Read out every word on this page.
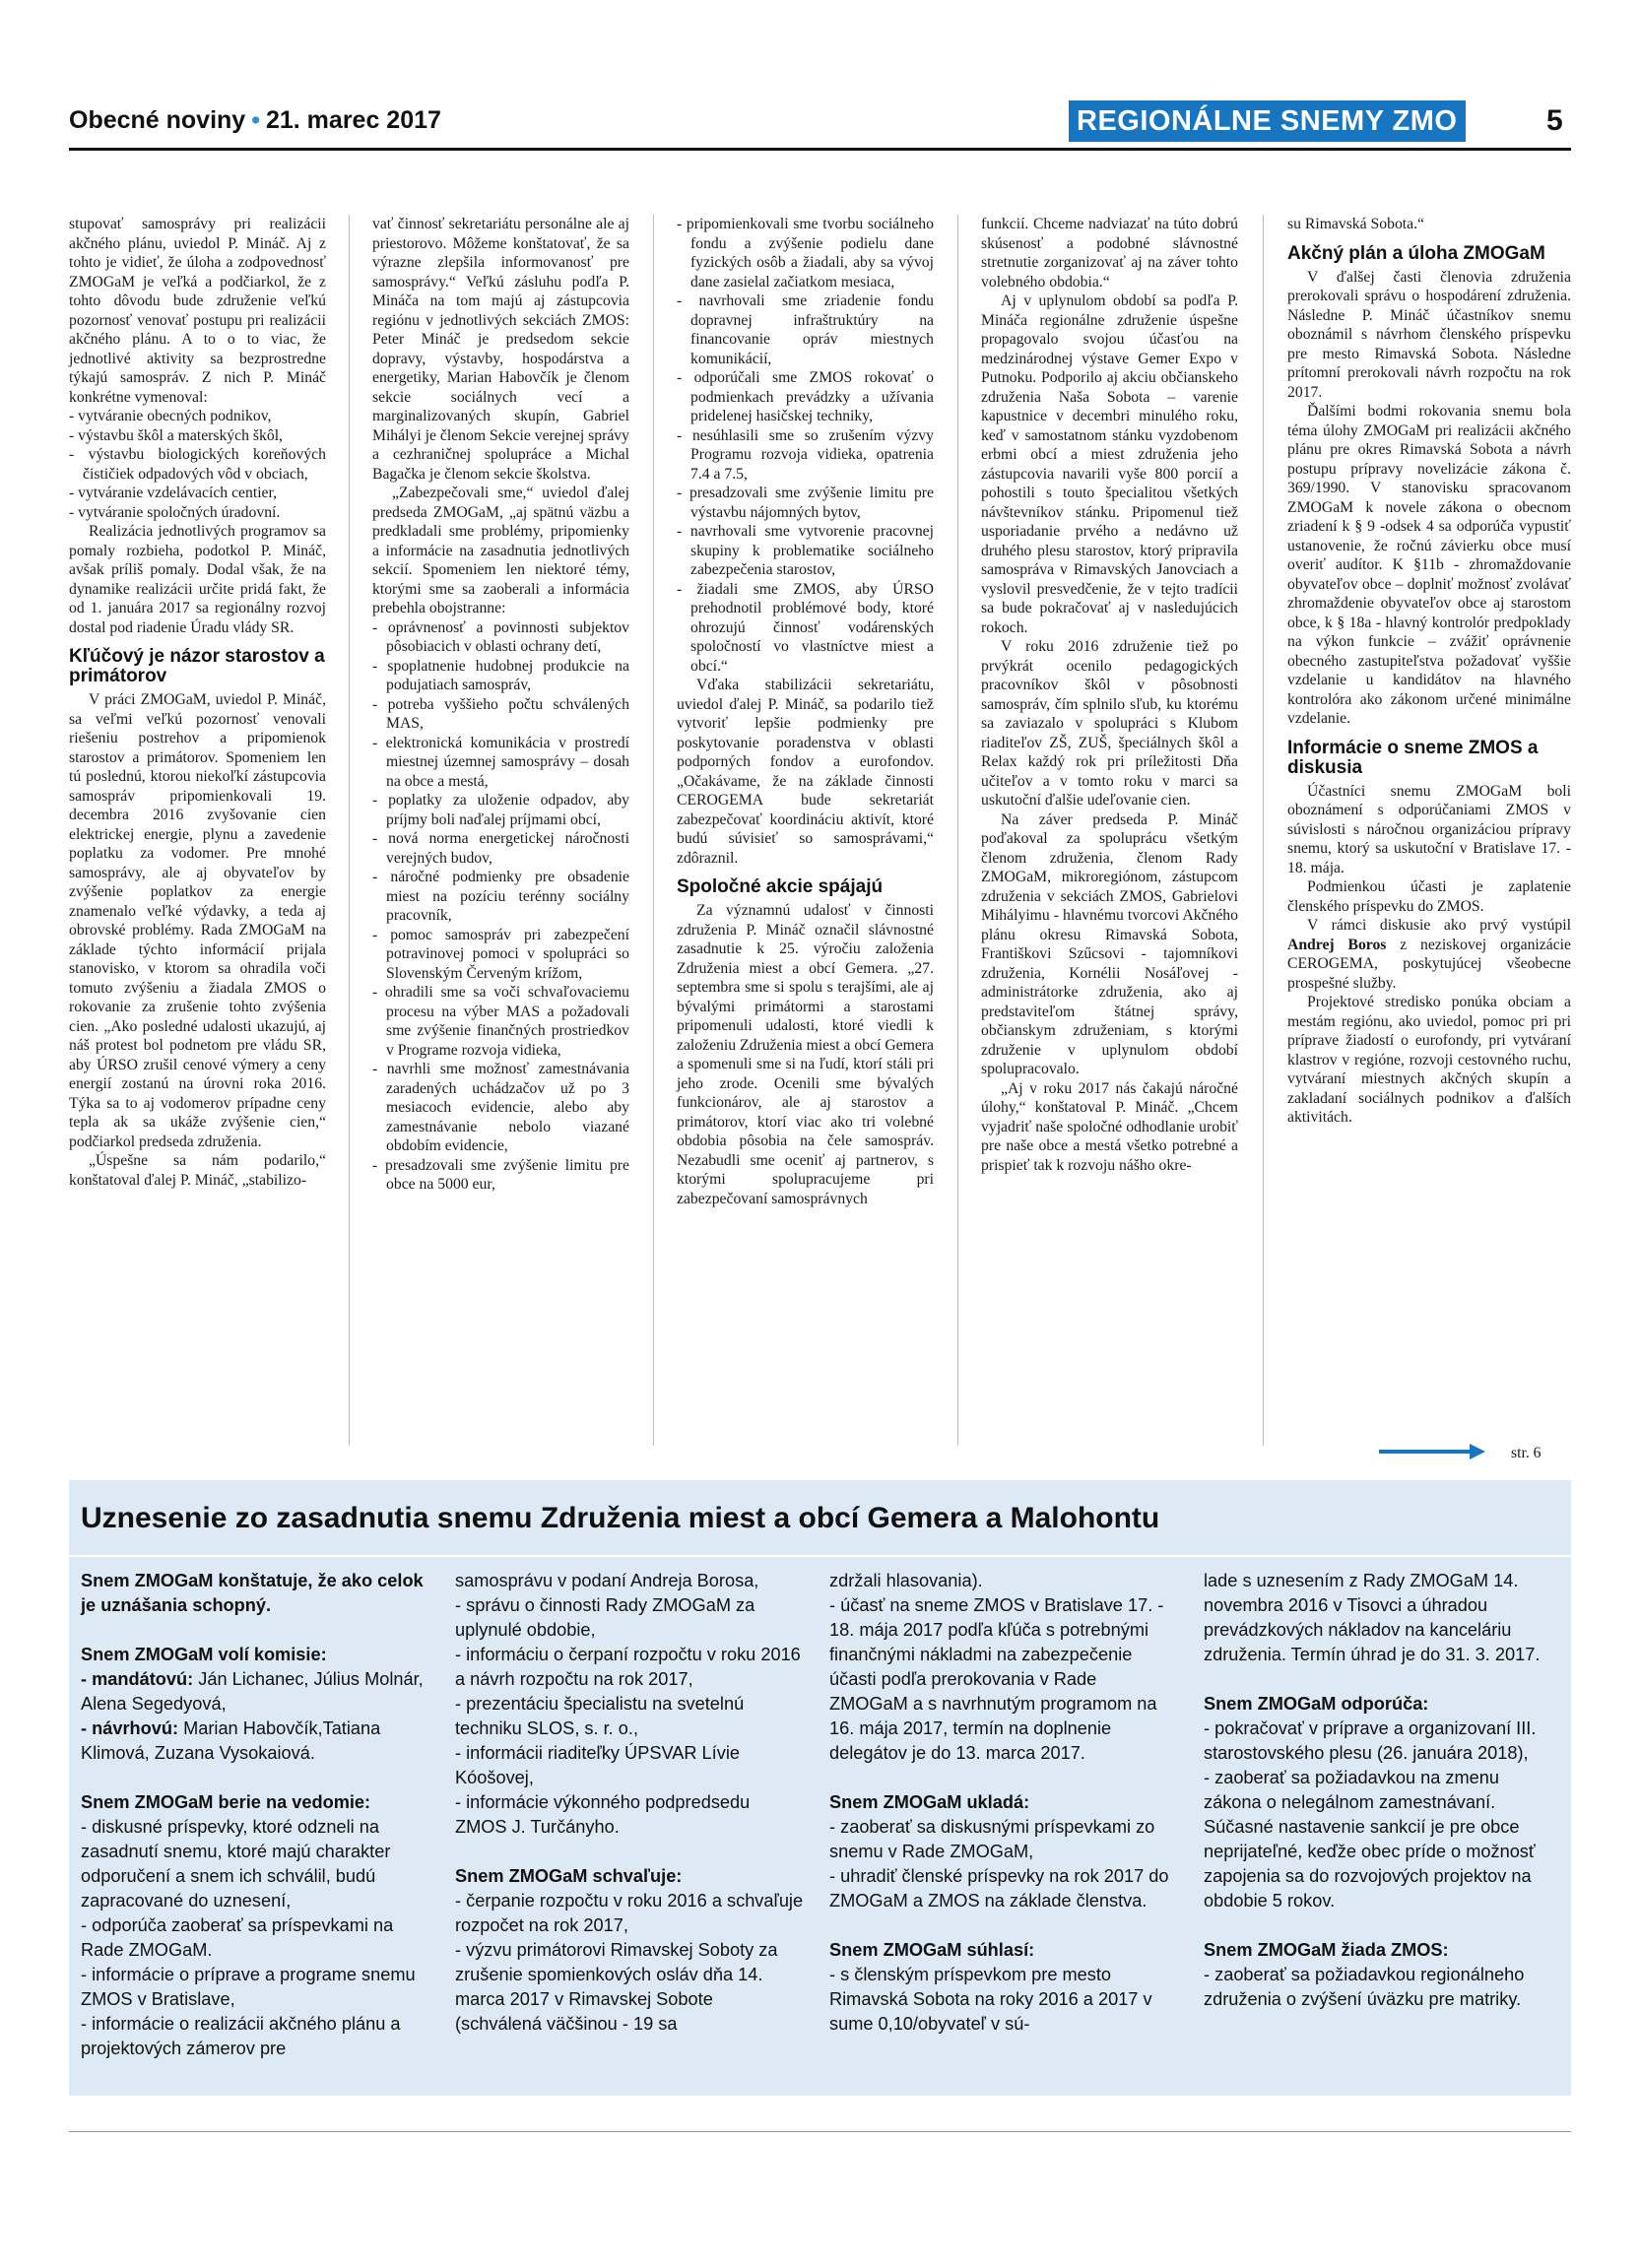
Obecné noviny • 21. marec 2017	REGIONÁLNE SNEMY ZMO	5

stupovať samosprávy pri realizácii akčného plánu, uviedol P. Mináč. Aj z tohto je vidieť, že úloha a zodpovednosť ZMOGaM je veľká a podčiarkol, že z tohto dôvodu bude združenie veľkú pozornosť venovať postupu pri realizácii akčného plánu. A to o to viac, že jednotlivé aktivity sa bezprostredne týkajú samospráv. Z nich P. Mináč konkrétne vymenoval:

- vytváranie obecných podnikov,
- výstavbu škôl a materských škôl,
- výstavbu biologických koreňových čističiek odpadových vôd v obciach,
- vytváranie vzdelávacích centier,
- vytváranie spoločných úradovní.

Realizácia jednotlivých programov sa pomaly rozbieha, podotkol P. Mináč, avšak príliš pomaly. Dodal však, že na dynamike realizácii určite pridá fakt, že od 1. januára 2017 sa regionálny rozvoj dostal pod riadenie Úradu vlády SR.

Kľúčový je názor starostov a primátorov

V práci ZMOGaM, uviedol P. Mináč, sa veľmi veľkú pozornosť venovali riešeniu postrehov a pripomienok starostov a primátorov. Spomeniem len tú poslednú, ktorou niekoľkí zástupcovia samospráv pripomienkovali 19. decembra 2016 zvyšovanie cien elektrickej energie, plynu a zavedenie poplatku za vodomer. Pre mnohé samosprávy, ale aj obyvateľov by zvýšenie poplatkov za energie znamenalo veľké výdavky, a teda aj obrovské problémy. Rada ZMOGaM na základe týchto informácií prijala stanovisko, v ktorom sa ohradila voči tomuto zvýšeniu a žiadala ZMOS o rokovanie za zrušenie tohto zvýšenia cien. „Ako posledné udalosti ukazujú, aj náš protest bol podnetom pre vládu SR, aby ÚRSO zrušil cenové výmery a ceny energií zostanú na úrovni roka 2016. Týka sa to aj vodomerov prípadne ceny tepla ak sa ukáže zvýšenie cien,“ podčiarkol predseda združenia.

„Úspešne sa nám podarilo,“ konštatoval ďalej P. Mináč, „stabilizo-

vať činnosť sekretariátu personálne ale aj priestorovo. Môžeme konštatovať, že sa výrazne zlepšila informovanosť pre samosprávy.“ Veľkú zásluhu podľa P. Mináča na tom majú aj zástupcovia regiónu v jednotlivých sekciách ZMOS: Peter Mináč je predsedom sekcie dopravy, výstavby, hospodárstva a energetiky, Marian Habovčík je členom sekcie sociálnych vecí a marginalizovaných skupín, Gabriel Mihályi je členom Sekcie verejnej správy a cezhraničnej spolupráce a Michal Bagačka je členom sekcie školstva.

„Zabezpečovali sme,“ uviedol ďalej predseda ZMOGaM, „aj spätnú väzbu a predkladali sme problémy, pripomienky a informácie na zasadnutia jednotlivých sekcií. Spomeniem len niektoré témy, ktorými sme sa zaoberali a informácia prebehla obojstranne:

- oprávnenosť a povinnosti subjektov pôsobiacich v oblasti ochrany detí,
- spoplatnenie hudobnej produkcie na podujatiach samospráv,
- potreba vyššieho počtu schválených MAS,
- elektronická komunikácia v prostredí miestnej územnej samosprávy – dosah na obce a mestá,
- poplatky za uloženie odpadov, aby príjmy boli naďalej príjmami obcí,
- nová norma energetickej náročnosti verejných budov,
- náročné podmienky pre obsadenie miest na pozíciu terénny sociálny pracovník,
- pomoc samospráv pri zabezpečení potravinovej pomoci v spolupráci so Slovenským Červeným krížom,
- ohradili sme sa voči schvaľovaciemu procesu na výber MAS a požadovali sme zvýšenie finančných prostriedkov v Programe rozvoja vidieka,
- navrhli sme možnosť zamestnávania zaradených uchádzačov už po 3 mesiacoch evidencie, alebo aby zamestnávanie nebolo viazané obdobím evidencie,
- presadzovali sme zvýšenie limitu pre obce na 5000 eur,
- pripomienkovali sme tvorbu sociálneho fondu a zvýšenie podielu dane fyzických osôb a žiadali, aby sa vývoj dane zasielal začiatkom mesiaca,
- navrhovali sme zriadenie fondu dopravnej infraštruktúry na financovanie opráv miestnych komunikácií,
- odporúčali sme ZMOS rokovať o podmienkach prevádzky a užívania pridelenej hasičskej techniky,
- nesúhlasili sme so zrušením výzvy Programu rozvoja vidieka, opatrenia 7.4 a 7.5,
- presadzovali sme zvýšenie limitu pre výstavbu nájomných bytov,
- navrhovali sme vytvorenie pracovnej skupiny k problematike sociálneho zabezpečenia starostov,
- žiadali sme ZMOS, aby ÚRSO prehodnotil problémové body, ktoré ohrozujú činnosť vodárenských spoločností vo vlastníctve miest a obcí.“

Vďaka stabilizácii sekretariátu, uviedol ďalej P. Mináč, sa podarilo tiež vytvoriť lepšie podmienky pre poskytovanie poradenstva v oblasti podporných fondov a eurofondov. „Očakávame, že na základe činnosti CEROGEMA bude sekretariát zabezpečovať koordináciu aktivít, ktoré budú súvisieť so samosprávami,“ zdôraznil.

Spoločné akcie spájajú

Za významnú udalosť v činnosti združenia P. Mináč označil slávnostné zasadnutie k 25. výročiu založenia Združenia miest a obcí Gemera. „27. septembra sme si spolu s terajšími, ale aj bývalými primátormi a starostami pripomenuli udalosti, ktoré viedli k založeniu Združenia miest a obcí Gemera a spomenuli sme si na ľudí, ktorí stáli pri jeho zrode. Ocenili sme bývalých funkcionárov, ale aj starostov a primátorov, ktorí viac ako tri volebné obdobia pôsobia na čele samospráv. Nezabudli sme oceniť aj partnerov, s ktorými spolupracujeme pri zabezpečovaní samosprávnych

funkcií. Chceme nadviazať na túto dobrú skúsenosť a podobné slávnostné stretnutie zorganizovať aj na záver tohto volebného obdobia.“

Aj v uplynulom období sa podľa P. Mináča regionálne združenie úspešne propagovalo svojou účasťou na medzinárodnej výstave Gemer Expo v Putnoku. Podporilo aj akciu občianskeho združenia Naša Sobota – varenie kapustnice v decembri minulého roku, keď v samostatnom stánku vyzdobenom erbmi obcí a miest združenia jeho zástupcovia navarili vyše 800 porcií a pohostili s touto špecialitou všetkých návštevníkov stánku. Pripomenul tiež usporiadanie prvého a nedávno už druhého plesu starostov, ktorý pripravila samospráva v Rimavských Janovciach a vyslovil presvedčenie, že v tejto tradícii sa bude pokračovať aj v nasledujúcich rokoch.

V roku 2016 združenie tiež po prvýkrát ocenilo pedagogických pracovníkov škôl v pôsobnosti samospráv, čím splnilo sľub, ku ktorému sa zaviazalo v spolupráci s Klubom riaditeľov ZŠ, ZUŠ, špeciálnych škôl a Relax každý rok pri príležitosti Dňa učiteľov a v tomto roku v marci sa uskutoční ďalšie udeľovanie cien.

Na záver predseda P. Mináč poďakoval za spoluprácu všetkým členom združenia, členom Rady ZMOGaM, mikroregiónom, zástupcom združenia v sekciách ZMOS, Gabrielovi Mihályimu - hlavnému tvorcovi Akčného plánu okresu Rimavská Sobota, Františkovi Szűcsovi - tajomníkovi združenia, Kornélii Nosáľovej - administrátorke združenia, ako aj predstaviteľom štátnej správy, občianskym združeniam, s ktorými združenie v uplynulom období spolupracovalo.

„Aj v roku 2017 nás čakajú náročné úlohy,“ konštatoval P. Mináč. „Chcem vyjadriť naše spoločné odhodlanie urobiť pre naše obce a mestá všetko potrebné a prispieť tak k rozvoju nášho okre-

su Rimavská Sobota.“

Akčný plán a úloha ZMOGaM

V ďalšej časti členovia združenia prerokovali správu o hospodárení združenia. Následne P. Mináč účastníkov snemu oboznámil s návrhom členského príspevku pre mesto Rimavská Sobota. Následne prítomní prerokovali návrh rozpočtu na rok 2017.

Ďalšími bodmi rokovania snemu bola téma úlohy ZMOGaM pri realizácii akčného plánu pre okres Rimavská Sobota a návrh postupu prípravy novelizácie zákona č. 369/1990. V stanovisku spracovanom ZMOGaM k novele zákona o obecnom zriadení k § 9 -odsek 4 sa odporúča vypustiť ustanovenie, že ročnú závierku obce musí overiť audítor. K §11b - zhromaždovanie obyvateľov obce – doplniť možnosť zvolávať zhromaždenie obyvateľov obce aj starostom obce, k § 18a - hlavný kontrolór predpoklady na výkon funkcie – zvážiť oprávnenie obecného zastupiteľstva požadovať vyššie vzdelanie u kandidátov na hlavného kontrolóra ako zákonom určené minimálne vzdelanie.

Informácie o sneme ZMOS a diskusia

Účastníci snemu ZMOGaM boli oboznámení s odporúčaniami ZMOS v súvislosti s náročnou organizáciou prípravy snemu, ktorý sa uskutoční v Bratislave 17. - 18. mája.

Podmienkou účasti je zaplatenie členského príspevku do ZMOS.

V rámci diskusie ako prvý vystúpil Andrej Boros z neziskovej organizácie CEROGEMA, poskytujúcej všeobecne prospešné služby.

Projektové stredisko ponúka obciam a mestám regiónu, ako uviedol, pomoc pri pri príprave žiadostí o eurofondy, pri vytváraní klastrov v regióne, rozvoji cestovného ruchu, vytváraní miestnych akčných skupín a zakladaní sociálnych podnikov a ďalších aktivitách.

str. 6
Uznesenie zo zasadnutia snemu Združenia miest a obcí Gemera a Malohontu
Snem ZMOGaM konštatuje, že ako celok je uznášania schopný.
Snem ZMOGaM volí komisie:
- mandátovú: Ján Lichanec, Július Molnár, Alena Segedyová,
- návrhovú: Marian Habovčík,Tatiana Klimová, Zuzana Vysokaiová.
Snem ZMOGaM berie na vedomie:
- diskusné príspevky, ktoré odzneli na zasadnutí snemu, ktoré majú charakter odporučení a snem ich schválil, budú zapracované do uznesení,
- odporúča zaoberať sa príspevkami na Rade ZMOGaM.
- informácie o príprave a programe snemu ZMOS v Bratislave,
- informácie o realizácii akčného plánu a projektových zámerov pre
samosprávu v podaní Andreja Borosa,
- správu o činnosti Rady ZMOGaM za uplynulé obdobie,
- informáciu o čerpaní rozpočtu v roku 2016 a návrh rozpočtu na rok 2017,
- prezentáciu špecialistu na svetelnú techniku SLOS, s. r. o.,
- informácii riaditeľky ÚPSVAR Lívie Kóošovej,
- informácie výkonného podpredsedu ZMOS J. Turčányho.
Snem ZMOGaM schvaľuje:
- čerpanie rozpočtu v roku 2016 a schvaľuje rozpočet na rok 2017,
- výzvu primátorovi Rimavskej Soboty za zrušenie spomienkových osláv dňa 14. marca 2017 v Rimavskej Sobote (schválená väčšinou - 19 sa
zdržali hlasovania).
- účasť na sneme ZMOS v Bratislave 17. - 18. mája 2017 podľa kľúča s potrebnými finančnými nákladmi na zabezpečenie účasti podľa prerokovania v Rade ZMOGaM a s navrhnutým programom na 16. mája 2017, termín na doplnenie delegátov je do 13. marca 2017.
Snem ZMOGaM ukladá:
- zaoberať sa diskusnými príspevkami zo snemu v Rade ZMOGaM,
- uhradiť členské príspevky na rok 2017 do ZMOGaM a ZMOS na základe členstva.
Snem ZMOGaM súhlasí:
- s členským príspevkom pre mesto Rimavská Sobota na roky 2016 a 2017 v sume 0,10/obyvateľ v sú-
lade s uznesením z Rady ZMOGaM 14. novembra 2016 v Tisovci a úhradou prevádzkových nákladov na kanceláriu združenia. Termín úhrad je do 31. 3. 2017.
Snem ZMOGaM odporúča:
- pokračovať v príprave a organizovaní III. starostovského plesu (26. januára 2018),
- zaoberať sa požiadavkou na zmenu zákona o nelegálnom zamestnávaní. Súčasné nastavenie sankcií je pre obce neprijateľné, keďže obec príde o možnosť zapojenia sa do rozvojových projektov na obdobie 5 rokov.
Snem ZMOGaM žiada ZMOS:
- zaoberať sa požiadavkou regionálneho združenia o zvýšení úväzku pre matriky.
